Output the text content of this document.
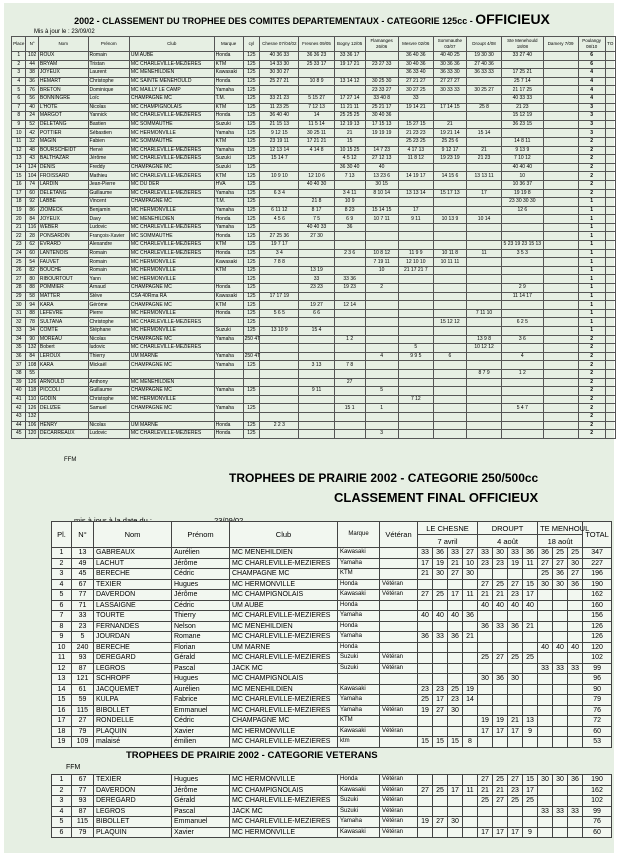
2002 - CLASSEMENT DU TROPHEE DES COMITES DEPARTEMENTAUX - CATEGORIE 125cc - OFFICIEUX
Mis à jour le : 23/09/02
Place	N°	Nom	Prénom	Club	Marque	cyl	Chesne 07/04/02	Fresnes 09/05	Bogny 12/05	Flamanges 26/06	Mesvre 02/06	Sommauthe 03/07	Droupt 4/08	Ste Menehould 18/08	Damery 7/09	Poulangy 08/10	TO
1	102	ROUX	Romain	UM AUBE	Honda	125	40 36 33	36 36 23	33 36 17		36 40 36	40 40 25	19 30 30	33 27 40		6	
2	44	BRYAM	Tristan	MC CHARLEVILLE-MEZIERES	KTM	125	14 33 30	25 33 17	19 17 21	23 27 33	30 40 36	30 36 36	27 40 36			6	
3	38	JOYEUX	Laurent	MC MENEHILDIEN	Kawasaki	125	30 30 27				36 33 40	36 33 30	36 33 33	17 25 21		4	
4	36	HEMART	Christophe	MC SAINTE MENEHOULD	Honda	125	25 27 21	10 8 9	13 14 12	30 25 30	27 21 27	27 27 27		25 7 14		4	
5	76	BRETON	Dominique	MC MAILLY LE CAMP	Yamaha	125				23 33 27	30 27 25	30 33 33	30 25 27	21 17 25		4	
6	56	BONNINGRE	Loïc	CHAMPAGNE MC	T.M.	125	33 21 23	5 15 27	17 27 14	33 40 8	33			40 33 33		4	
7	40	L'HOTE	Nicolas	MC CHAMPIGNOLAIS	KTM	125	11 23 25	7 12 13	11 21 11	25 21 17	19 14 21	17 14 15	25 8	21 23		3	
8	24	MARGOT	Yannick	MC CHARLEVILLE-MEZIERES	Honda	125	36 40 40	14	25 25 25	30 40 36				15 12 19		3	
9	52	DELETANG	Bastien	MC SOMMAUTHE	Suzuki	125	21 15 13	11 5 14	12 19 13	17 15 13	15 27 15	21		36 23 15		3	
10	42	POTTIER	Sébastien	MC HERMONVILLE	Yamaha	125	9 12 15	30 25 11	21	19 19 19	21 23 23	19 21 14	15 14			3	
11	32	MAGIN	Fabien	MC SOMMAUTHE	KTM	125	23 19 11	17 21 21	15		25 23 25	25 25 6		14 8 11		2	
12	48	BOURSCHEIDT	Hervé	MC CHARLEVILLE-MEZIERES	Yamaha	125	12 13 14	4 14 8	10 15 25	14 7 23	4 17 13	9 12 17	21	9 13 9		2	
13	43	BALTHAZAR	Jérôme	MC CHARLEVILLE-MEZIERES	Suzuki	125	15 14 7		4 5 12	27 12 13	11 8 12	19 23 19	21 23	7 10 12		2	
14	124	DENIS	Freddy	CHAMPAGNE MC	Suzuki	125			36 30 40	40				40 40 40		2	
15	104	FROISSARD	Mathieu	MC CHARLEVILLE-MEZIERES	KTM	125	10 9 10	12 10 6	7 13	13 23 6	14 19 17	14 15 6	13 13 11	10		2	
16	74	LARDIN	Jean-Pierre	MC DU DER	HVA	125		40 40 30		30 15				10 36 37		2	
17	60	DELETANG	Guillaume	MC CHARLEVILLE-MEZIERES	Yamaha	125	6 3 4		3 4 11	8 10 14	13 13 14	15 17 13	17	19 19 8		2	
18	92	LABBE	Vincent	CHAMPAGNE MC	T.M.	125		21 8	10 9					23 30 30 30		1	
19	86	ZIOMECK	Benjamin	MC HERMONVILLE	Yamaha	125	6 11 12	8 17	8 23	15 14 15	17			12 6		1	
20	84	JOYEUX	Davy	MC MENEHILDIEN	Honda	125	4 5 6	7 5	6 9	10 7 11	9 11	10 13 9	10 14			1	
21	116	WEBER	Ludovic	MC CHARLEVILLE-MEZIERES	Yamaha	125		40 40 33	36							1	
22	28	PONSARDIN	François-Xavier	MC SOMMAUTHE	Honda	125	27 25 36	27 30								1	
23	62	EVRARD	Alexandre	MC CHARLEVILLE-MEZIERES	KTM	125	19 7 17							5 23 19 23 15 13		1	
24	60	LANTENOIS	Romain	MC CHARLEVILLE-MEZIERES	Honda	125	3 4		2 3 6	10 8 12	11 9 9	10 11 8	11	3 5 3		1	
25	54	FAUVET	Romain	MC HERMONVILLE	Kawasaki	125	7 8 8			7 19 11	12 10 10	10 11 11				1	
26	82	BOUCHE	Romain	MC HERMONVILLE	KTM	125		13 19		10	21 17 21 7					1	
27	80	RIBOURTOUT	Yann	MC HERMONVILLE		125		33	33 36							1	
28	88	POMMIER	Arnaud	CHAMPAGNE MC	Honda	125		23 23	19 23	2				2 9		1	
29	58	MATTER	Stève	CSA 40Rma RA	Kawasaki	125	17 17 19							11 14 17		1	
30	94	KARA	Géròme	CHAMPAGNE MC	KTM	125		19 27	12 14							1	
31	88	LEFEVRE	Pierre	MC HERMONVILLE	Honda	125	5 6 5	6 6					7 11 10			1	
32	78	SULTANA	Christophe	MC CHARLEVILLE-MEZIERES		125						15 12 12		6 2 5		1	
33	34	COMTE	Stéphane	MC HERMONVILLE	Suzuki	125	13 10 9	15 4								1	
34	90	MOREAU	Nicolas	CHAMPAGNE MC	Yamaha	250 4T			1 2				13 9 8	3 6		2	
35	132	Bobert	ludovic	MC CHARLEVILLE-MEZIERES							5		10 12 12			2	
36	84	LEROUX	Thierry	UM MARNE	Yamaha	250 4T				4	9 9 5	6		4		2	
37	108	KARA	Mickaël	CHAMPAGNE MC	Yamaha	125		3 13	7 8							2	
38	55												8 7 9	1 2		2	
39	126	ARNOULD	Anthony	MC MENEHILDIEN					27							2	
40	118	PICCOLI	Guillaume	CHAMPAGNE MC	Yamaha	125		9 11		5						2	
41	110	GODIN	Christophe	MC HERMONVILLE							7 12					2	
42	126	DELIZEE	Samuel	CHAMPAGNE MC	Yamaha	125			15 1	1				5 4 7		2	
43	132															2	
44	106	HENRY	Nicolas	UM MARNE	Honda	125	2 2 3									2	
45	120	DECARREAUX	Ludovic	MC CHARLEVILLE-MEZIERES	Honda	125				3						2	
FFM
TROPHEES DE PRAIRIE 2002 - CATEGORIE 250/500cc
CLASSEMENT FINAL OFFICIEUX
Pl.	N°	Nom	Prénom	Club	Marque	Vétéran	LE CHESNE				DROUPT				TE MENHOUL			TOTAL
							7 avril				4 août				18 août			
1	13	GABREAUX	Aurélien	MC MENEHILDIEN	Kawasaki		33	36	33	27	33	30	33	36	36	25	25	347
2	49	LACHUT	Jérôme	MC CHARLEVILLE-MEZIERES	Yamaha		17	19	21	10	23	23	19	11	27	27	30	227
3	45	BERECHE	Cédric	CHAMPAGNE MC	KTM		21	30	27	30					25	36	27	196
4	67	TEXIER	Hugues	MC HERMONVILLE	Honda	Vétéran					27	25	27	15	30	30	36	190
5	77	DAVERDON	Jérôme	MC CHAMPIGNOLAIS	Kawasaki	Vétéran	27	25	17	11	21	21	23	17				162
6	71	LASSAIGNE	Cédric	UM AUBE	Honda						40	40	40	40				160
7	33	TOURTE	Thierry	MC CHARLEVILLE-MEZIERES	Yamaha		40	40	40	36								156
8	23	FERNANDES	Nelson	MC MENEHILDIEN	Honda						36	33	36	21				126
9	5	JOURDAN	Romane	MC CHARLEVILLE-MEZIERES	Yamaha		36	33	36	21								126
10	240	BERECHE	Florian	UM MARNE	Honda										40	40	40	120
11	93	DEREGARD	Gérald	MC CHARLEVILLE-MEZIERES	Suzuki	Vétéran					25	27	25	25				102
12	87	LEGROS	Pascal	JACK MC	Suzuki	Vétéran									33	33	33	99
13	121	SCHROPF	Hugues	MC CHAMPIGNOLAIS							30	36	30					96
14	61	JACQUEMET	Aurélien	MC MENEHILDIEN	Kawasaki		23	23	25	19								90
15	59	KULPA	Fabrice	MC CHARLEVILLE-MEZIERES	Yamaha		25	17	23	14								79
16	115	BIBOLLET	Emmanuel	MC CHARLEVILLE-MEZIERES	Yamaha	Vétéran	19	27	30									76
17	27	RONDELLE	Cédric	CHAMPAGNE MC	KTM						19	19	21	13				72
18	79	PLAQUIN	Xavier	MC HERMONVILLE	Kawasaki	Vétéran					17	17	17	9				60
19	109	malaisé	émilien	MC CHARLEVILLE-MEZIERES	ktm		15	15	15	8								53
TROPHEES DE PRAIRIE 2002 - CATEGORIE VETERANS
FFM
1	67	TEXIER	Hugues	MC HERMONVILLE	Honda	Vétéran					27	25	27	15	30	30	36	190
2	77	DAVERDON	Jérôme	MC CHAMPIGNOLAIS	Kawasaki	Vétéran	27	25	17	11	21	21	23	17				162
3	93	DEREGARD	Gérald	MC CHARLEVILLE-MEZIERES	Suzuki	Vétéran					25	27	25	25				102
4	87	LEGROS	Pascal	JACK MC	Suzuki	Vétéran									33	33	33	99
5	115	BIBOLLET	Emmanuel	MC CHARLEVILLE-MEZIERES	Yamaha	Vétéran	19	27	30									76
6	79	PLAQUIN	Xavier	MC HERMONVILLE	Kawasaki	Vétéran					17	17	17	9				60
